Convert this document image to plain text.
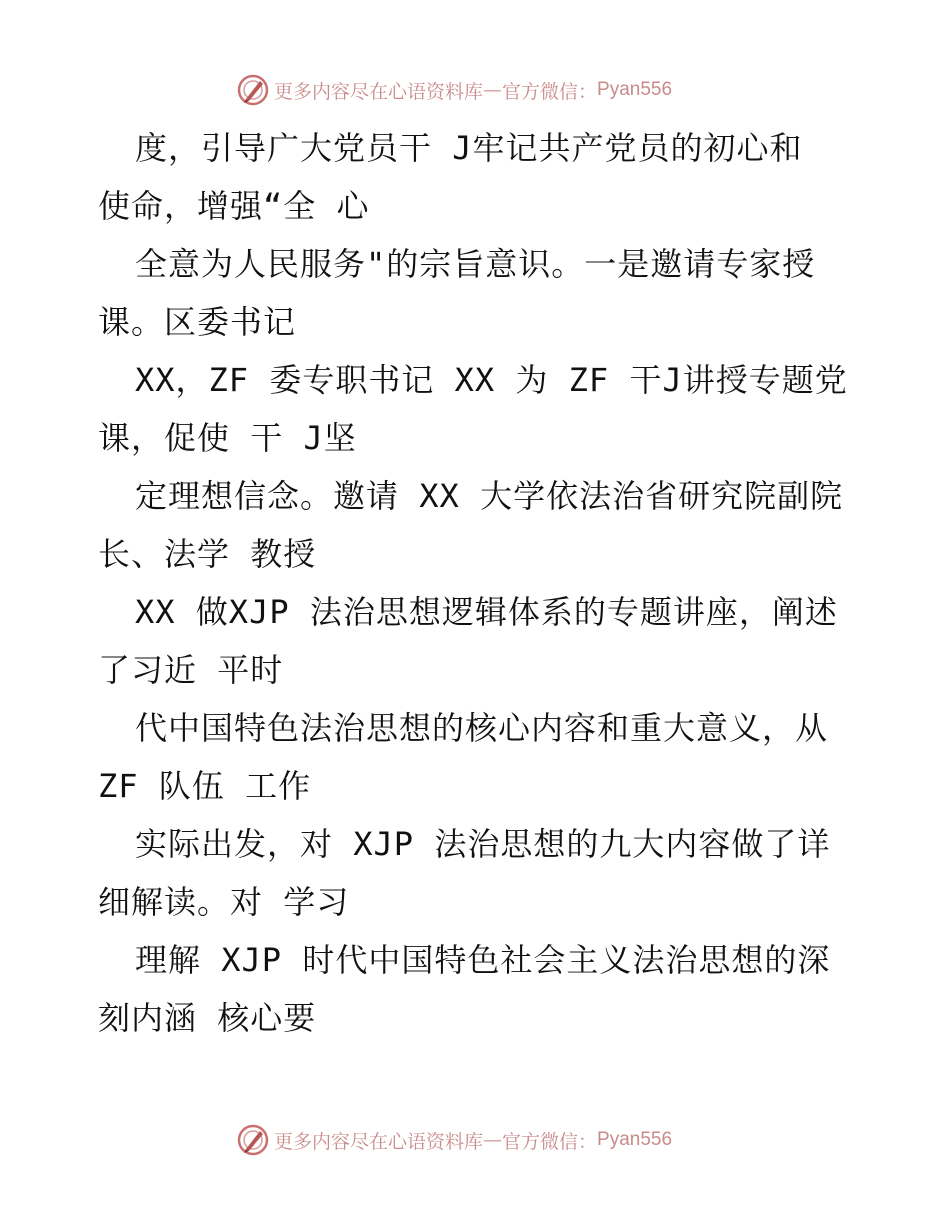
更多内容尽在心语资料库 — 官方微信： Pyan556
度，引导广大党员干 J牢记共产党员的初心和
使命，增强“全 心
全意为人民服务"的宗旨意识。一是邀请专家授
课。区委书记
XX，ZF 委专职书记 XX 为 ZF 干J讲授专题党
课，促使 干 J坚
定理想信念。邀请 XX 大学依法治省研究院副院
长、法学 教授
XX 做XJP 法治思想逻辑体系的专题讲座，阐述
了习近 平时
代中国特色法治思想的核心内容和重大意义，从
ZF 队伍 工作
实际出发，对 XJP 法治思想的九大内容做了详
细解读。对 学习
理解 XJP 时代中国特色社会主义法治思想的深
刻内涵 核心要
更多内容尽在心语资料库 — 官方微信： Pyan556
